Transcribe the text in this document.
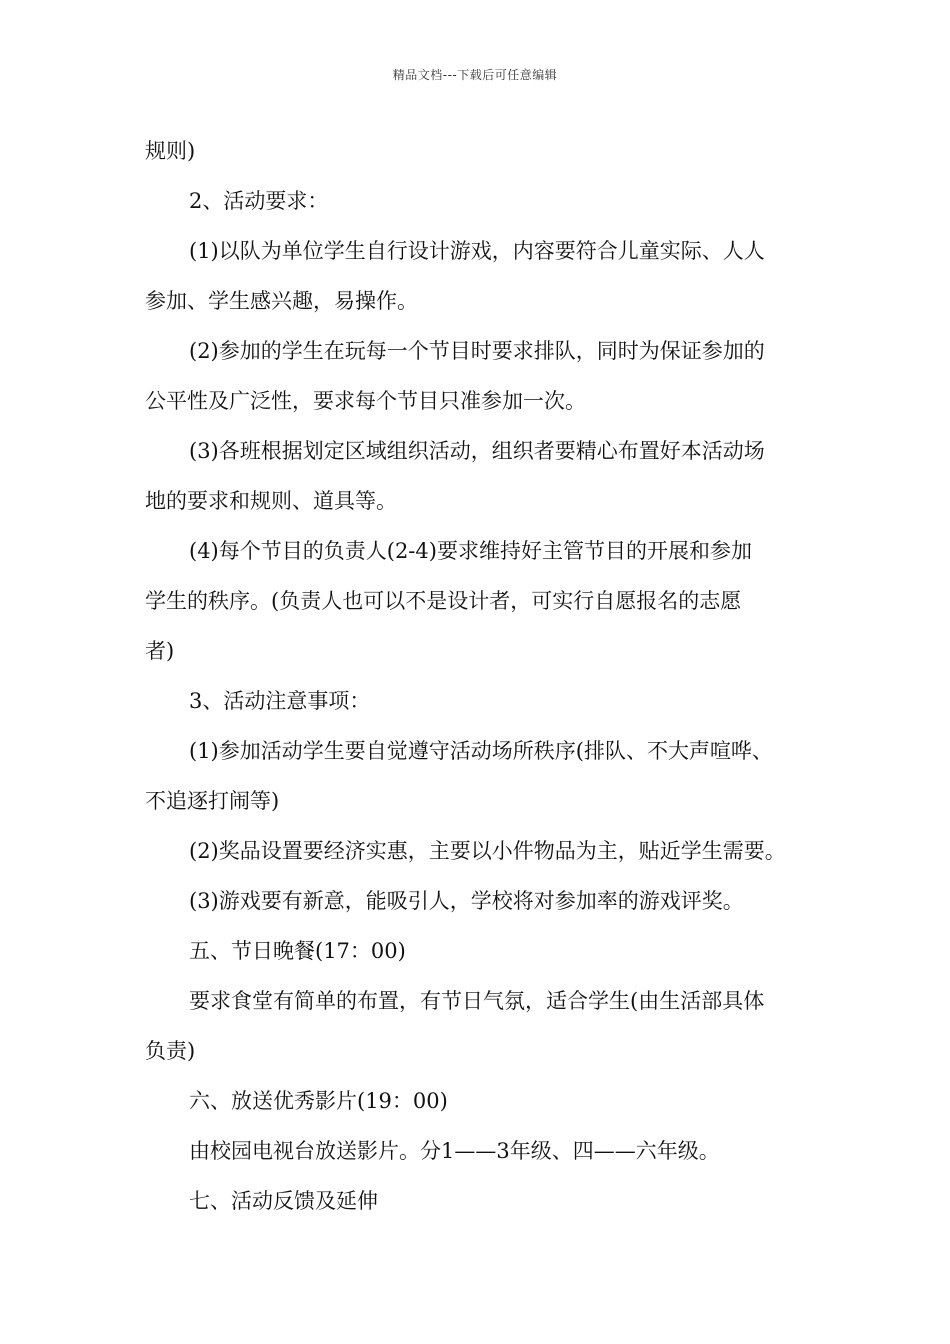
精品文档---下载后可任意编辑
规则)
2、活动要求：
(1)以队为单位学生自行设计游戏，内容要符合儿童实际、人人
参加、学生感兴趣，易操作。
(2)参加的学生在玩每一个节目时要求排队，同时为保证参加的
公平性及广泛性，要求每个节目只准参加一次。
(3)各班根据划定区域组织活动，组织者要精心布置好本活动场
地的要求和规则、道具等。
(4)每个节目的负责人(2-4)要求维持好主管节目的开展和参加
学生的秩序。(负责人也可以不是设计者，可实行自愿报名的志愿
者)
3、活动注意事项：
(1)参加活动学生要自觉遵守活动场所秩序(排队、不大声喧哗、
不追逐打闹等)
(2)奖品设置要经济实惠，主要以小件物品为主，贴近学生需要。
(3)游戏要有新意，能吸引人，学校将对参加率的游戏评奖。
五、节日晚餐(17：00)
要求食堂有简单的布置，有节日气氛，适合学生(由生活部具体
负责)
六、放送优秀影片(19：00)
由校园电视台放送影片。分1——3年级、四——六年级。
七、活动反馈及延伸
